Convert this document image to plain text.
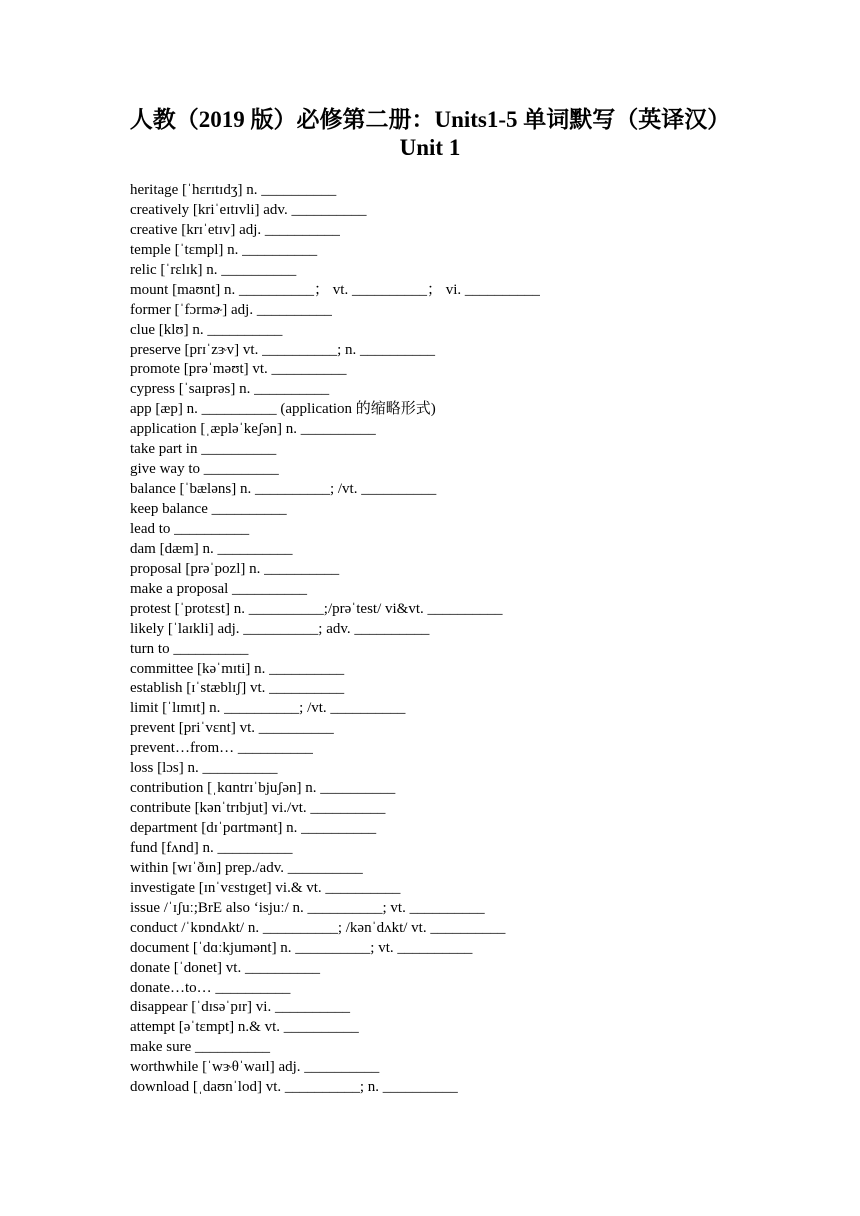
人教（2019 版）必修第二册：Units1-5 单词默写（英译汉）
Unit 1
heritage [ˈhɛrɪtɪdʒ] n. __________
creatively [kriˈeɪtɪvli] adv. __________
creative [krɪˈetɪv] adj. __________
temple [ˈtɛmpl] n. __________
relic [ˈrɛlɪk] n. __________
mount [maʊnt] n. __________； vt. __________； vi. __________
former [ˈfɔrmɚ] adj. __________
clue [klʊ] n. __________
preserve [prɪˈzɝv] vt. __________; n. __________
promote [prəˈməʊt] vt. __________
cypress [ˈsaɪprəs] n. __________
app [æp] n. __________ (application 的缩略形式)
application [ˌæpləˈkeʃən] n. __________
take part in __________
give way to __________
balance [ˈbæləns] n. __________; /vt. __________
keep balance __________
lead to __________
dam [dæm] n. __________
proposal [prəˈpozl] n. __________
make a proposal __________
protest [ˈprotɛst] n. __________;/prəˈtest/ vi&vt. __________
likely [ˈlaɪkli] adj. __________; adv. __________
turn to __________
committee [kəˈmɪti] n. __________
establish [ɪˈstæblɪʃ] vt. __________
limit [ˈlɪmɪt] n. __________; /vt. __________
prevent [priˈvɛnt] vt. __________
prevent…from… __________
loss [lɔs] n. __________
contribution [ˌkɑntrɪˈbjuʃən] n. __________
contribute [kənˈtrɪbjut] vi./vt. __________
department [dɪˈpɑrtmənt] n. __________
fund [fʌnd] n. __________
within [wɪˈðɪn] prep./adv. __________
investigate [ɪnˈvɛstɪget] vi.& vt. __________
issue /ˈɪʃuː;BrE also ‘isjuː/ n. __________; vt. __________
conduct /ˈkɒndʌkt/ n. __________; /kənˈdʌkt/ vt. __________
document [ˈdɑːkjumənt] n. __________; vt. __________
donate [ˈdonet] vt. __________
donate…to… __________
disappear [ˈdɪsəˈpɪr] vi. __________
attempt [əˈtɛmpt] n.& vt. __________
make sure __________
worthwhile [ˈwɝθˈwaɪl] adj. __________
download [ˌdaʊnˈlod] vt. __________; n. __________
